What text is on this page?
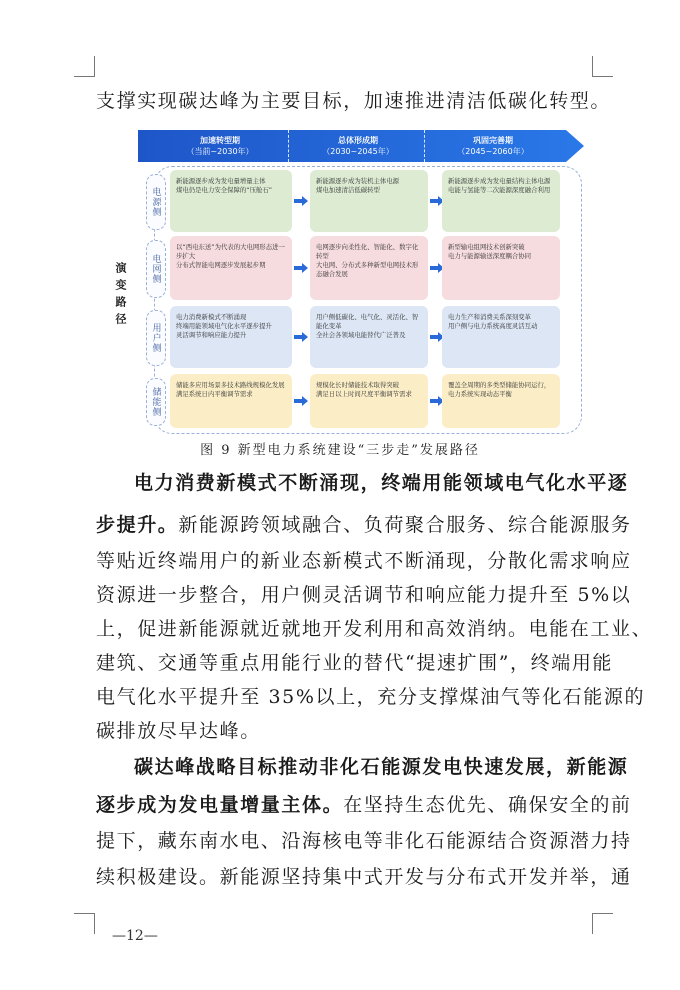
支撑实现碳达峰为主要目标，加速推进清洁低碳化转型。
加速转型期
（当前~2030年）
总体形成期
（2030~2045年）
巩固完善期
（2045~2060年）
演变路径
电源侧
新能源逐步成为发电量增量主体
煤电仍是电力安全保障的“压舱石”
新能源逐步成为装机主体电源
煤电加速清洁低碳转型
新能源逐步成为发电量结构主体电源
电能与氢能等二次能源深度融合利用
电网侧
以“西电东送”为代表的大电网形态进一步扩大
分布式智能电网逐步发展起步期
电网逐步向柔性化、智能化、数字化转型
大电网、分布式多种新型电网技术形态融合发展
新型输电组网技术创新突破
电力与能源输送深度耦合协同
用户侧
电力消费新模式不断涌现
终端用能领域电气化水平逐步提升
灵活调节和响应能力提升
用户侧低碳化、电气化、灵活化、智能化变革
全社会各领域电能替代广泛普及
电力生产和消费关系深刻变革
用户侧与电力系统高度灵活互动
储能侧
储能多应用场景多技术路线规模化发展
满足系统日内平衡调节需求
规模化长时储能技术取得突破
满足日以上时间尺度平衡调节需求
覆盖全周期的多类型储能协同运行，电力系统实现动态平衡
图 9 新型电力系统建设“三步走”发展路径
电力消费新模式不断涌现，终端用能领域电气化水平逐
步提升。新能源跨领域融合、负荷聚合服务、综合能源服务
等贴近终端用户的新业态新模式不断涌现，分散化需求响应
资源进一步整合，用户侧灵活调节和响应能力提升至 5%以
上，促进新能源就近就地开发利用和高效消纳。电能在工业、
建筑、交通等重点用能行业的替代“提速扩围”，终端用能
电气化水平提升至 35%以上，充分支撑煤油气等化石能源的
碳排放尽早达峰。
碳达峰战略目标推动非化石能源发电快速发展，新能源
逐步成为发电量增量主体。在坚持生态优先、确保安全的前
提下，藏东南水电、沿海核电等非化石能源结合资源潜力持
续积极建设。新能源坚持集中式开发与分布式开发并举，通
—12—
